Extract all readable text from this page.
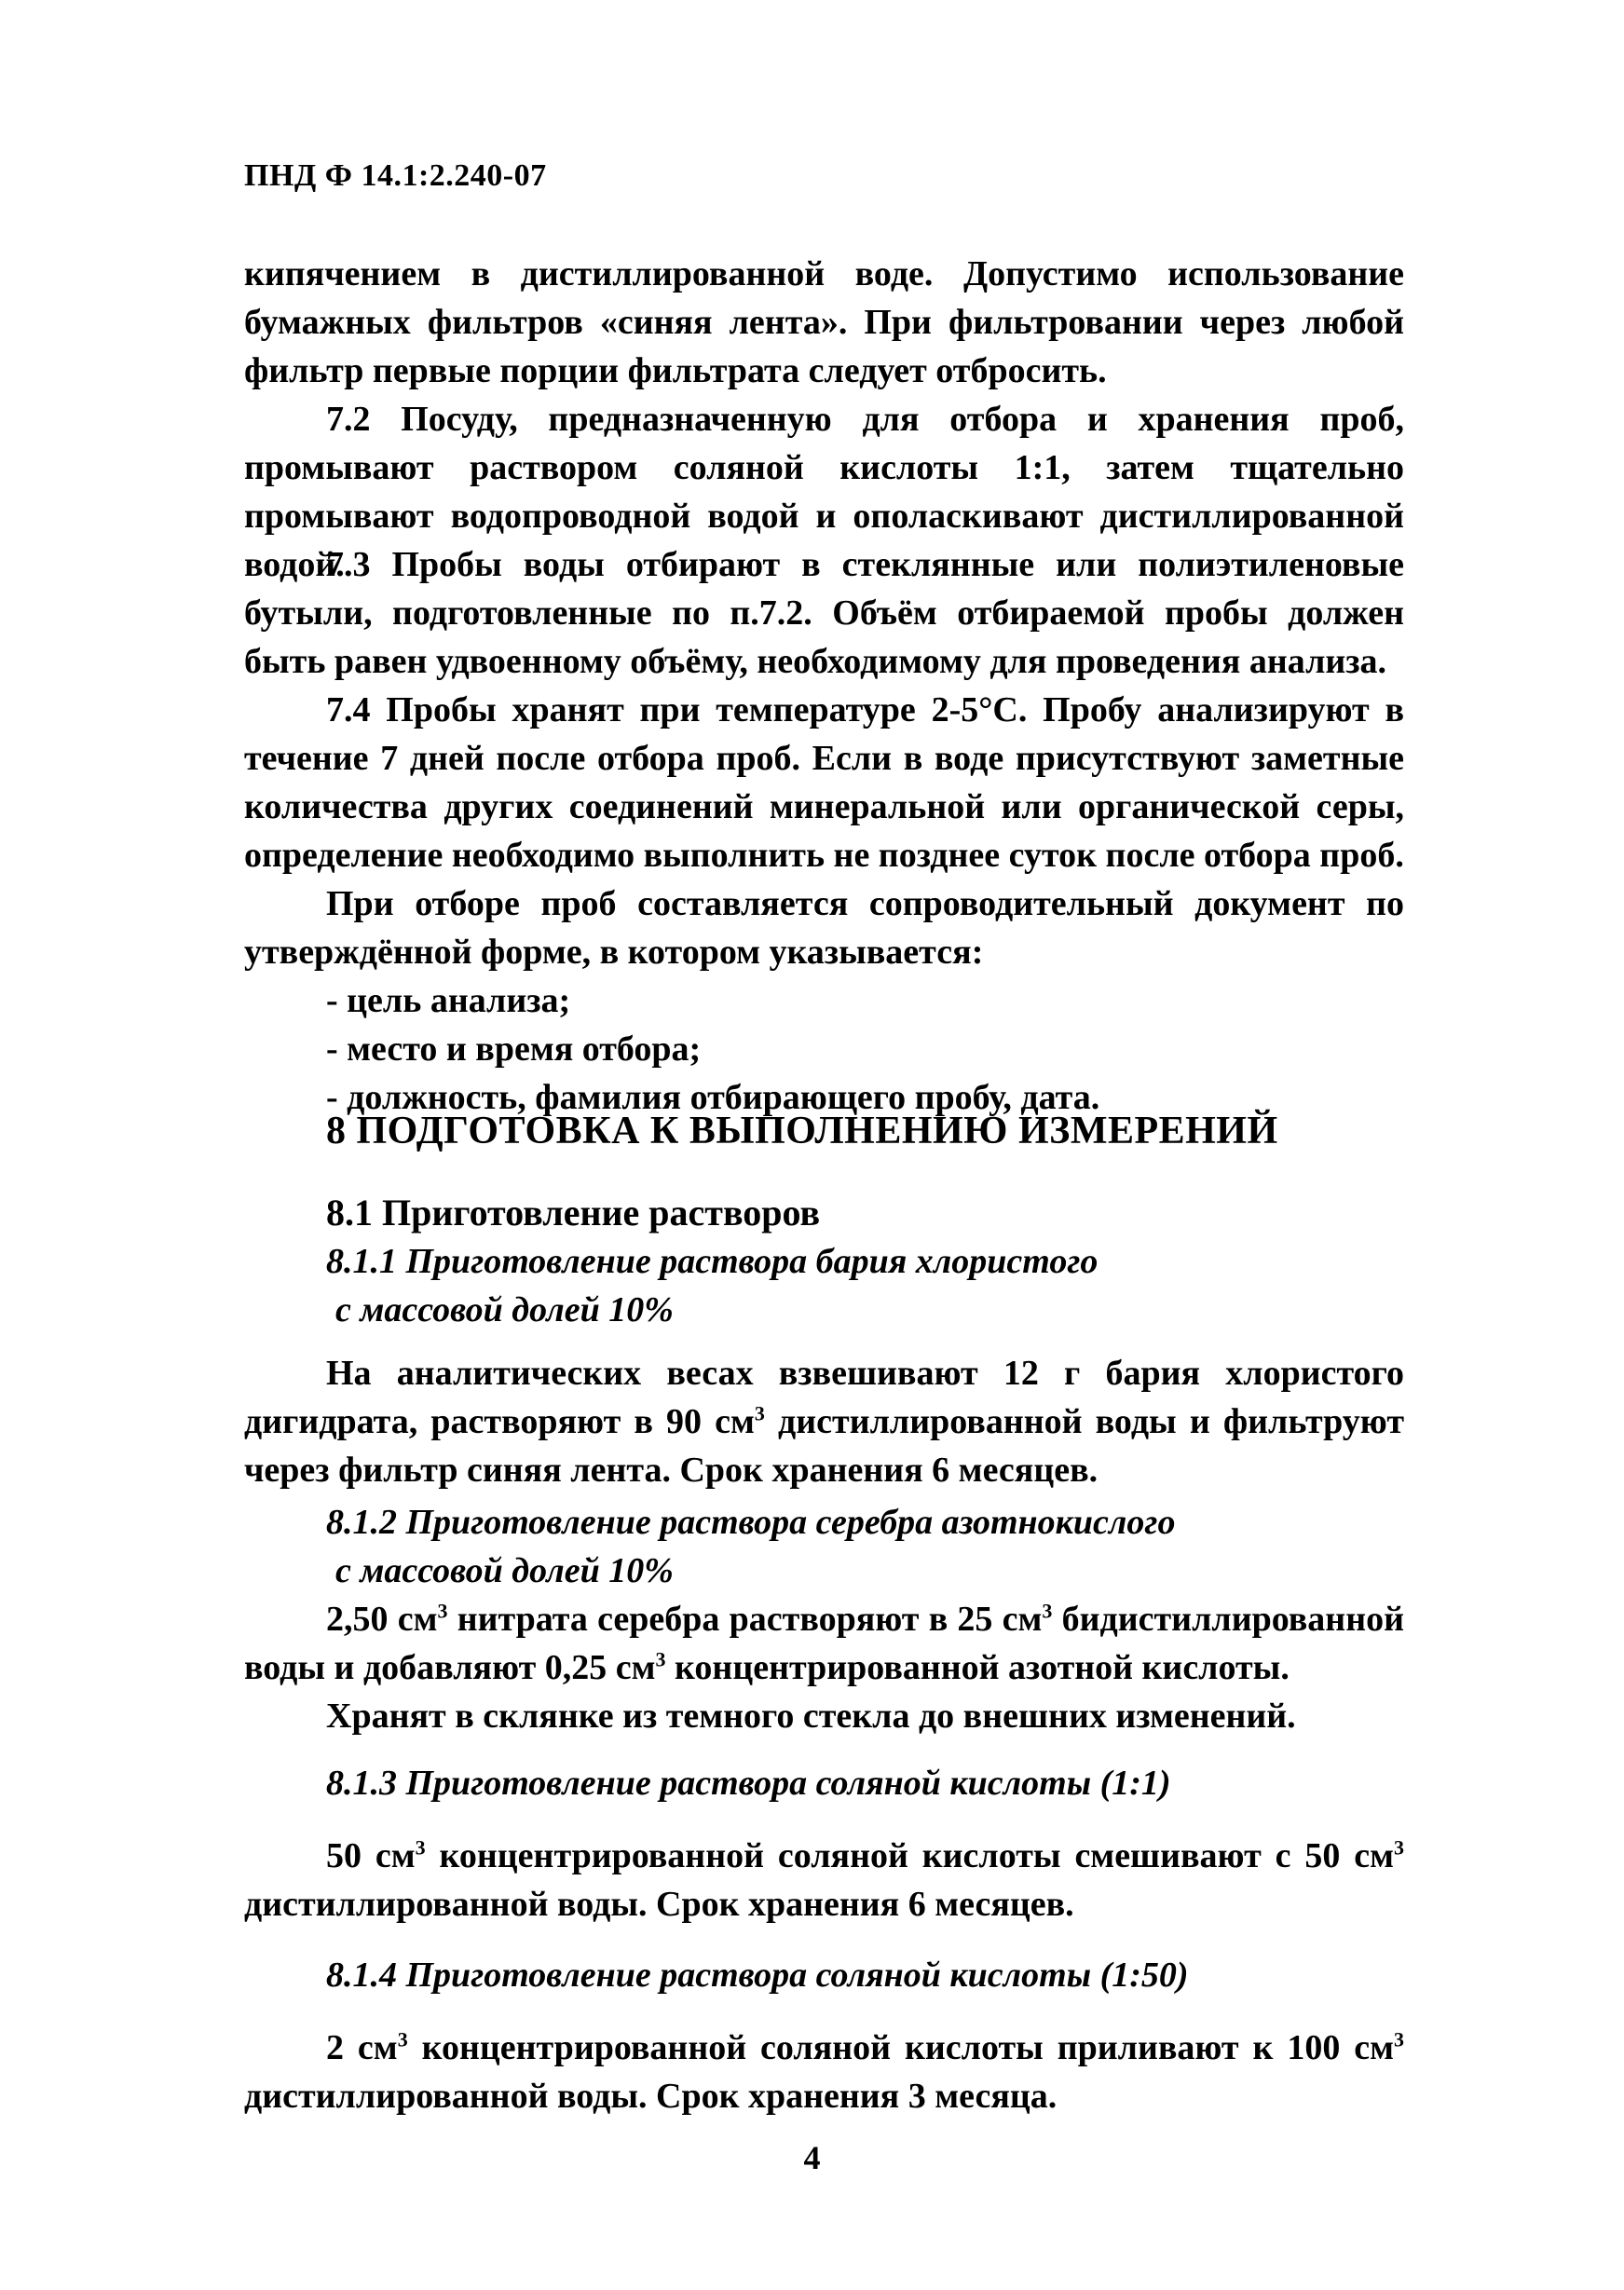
ПНД Ф 14.1:2.240-07

кипячением в дистиллированной воде. Допустимо использование бумажных фильтров «синяя лента». При фильтровании через любой фильтр первые порции фильтрата следует отбросить.

7.2 Посуду, предназначенную для отбора и хранения проб, промывают раствором соляной кислоты 1:1, затем тщательно промывают водопроводной водой и ополаскивают дистиллированной водой.

7.3 Пробы воды отбирают в стеклянные или полиэтиленовые бутыли, подготовленные по п.7.2. Объём отбираемой пробы должен быть равен удвоенному объёму, необходимому для проведения анализа.

7.4 Пробы хранят при температуре 2-5°С. Пробу анализируют в течение 7 дней после отбора проб. Если в воде присутствуют заметные количества других соединений минеральной или органической серы, определение необходимо выполнить не позднее суток после отбора проб.

При отборе проб составляется сопроводительный документ по утверждённой форме, в котором указывается:

- цель анализа;
- место и время отбора;
- должность, фамилия отбирающего пробу, дата.
8 ПОДГОТОВКА К ВЫПОЛНЕНИЮ ИЗМЕРЕНИЙ
8.1 Приготовление растворов
8.1.1 Приготовление раствора бария хлористого
с массовой долей 10%

На аналитических весах взвешивают 12 г бария хлористого дигидрата, растворяют в 90 $см^3$ дистиллированной воды и фильтруют через фильтр синяя лента. Срок хранения 6 месяцев.

8.1.2 Приготовление раствора серебра азотнокислого
с массовой долей 10%

2,50 $см^3$ нитрата серебра растворяют в 25 $см^3$ бидистиллированной воды и добавляют 0,25 $см^3$ концентрированной азотной кислоты.

Хранят в склянке из темного стекла до внешних изменений.

8.1.3 Приготовление раствора соляной кислоты (1:1)

50 $см^3$ концентрированной соляной кислоты смешивают с 50 $см^3$ дистиллированной воды. Срок хранения 6 месяцев.

8.1.4 Приготовление раствора соляной кислоты (1:50)

2 $см^3$ концентрированной соляной кислоты приливают к 100 $см^3$ дистиллированной воды. Срок хранения 3 месяца.

4
